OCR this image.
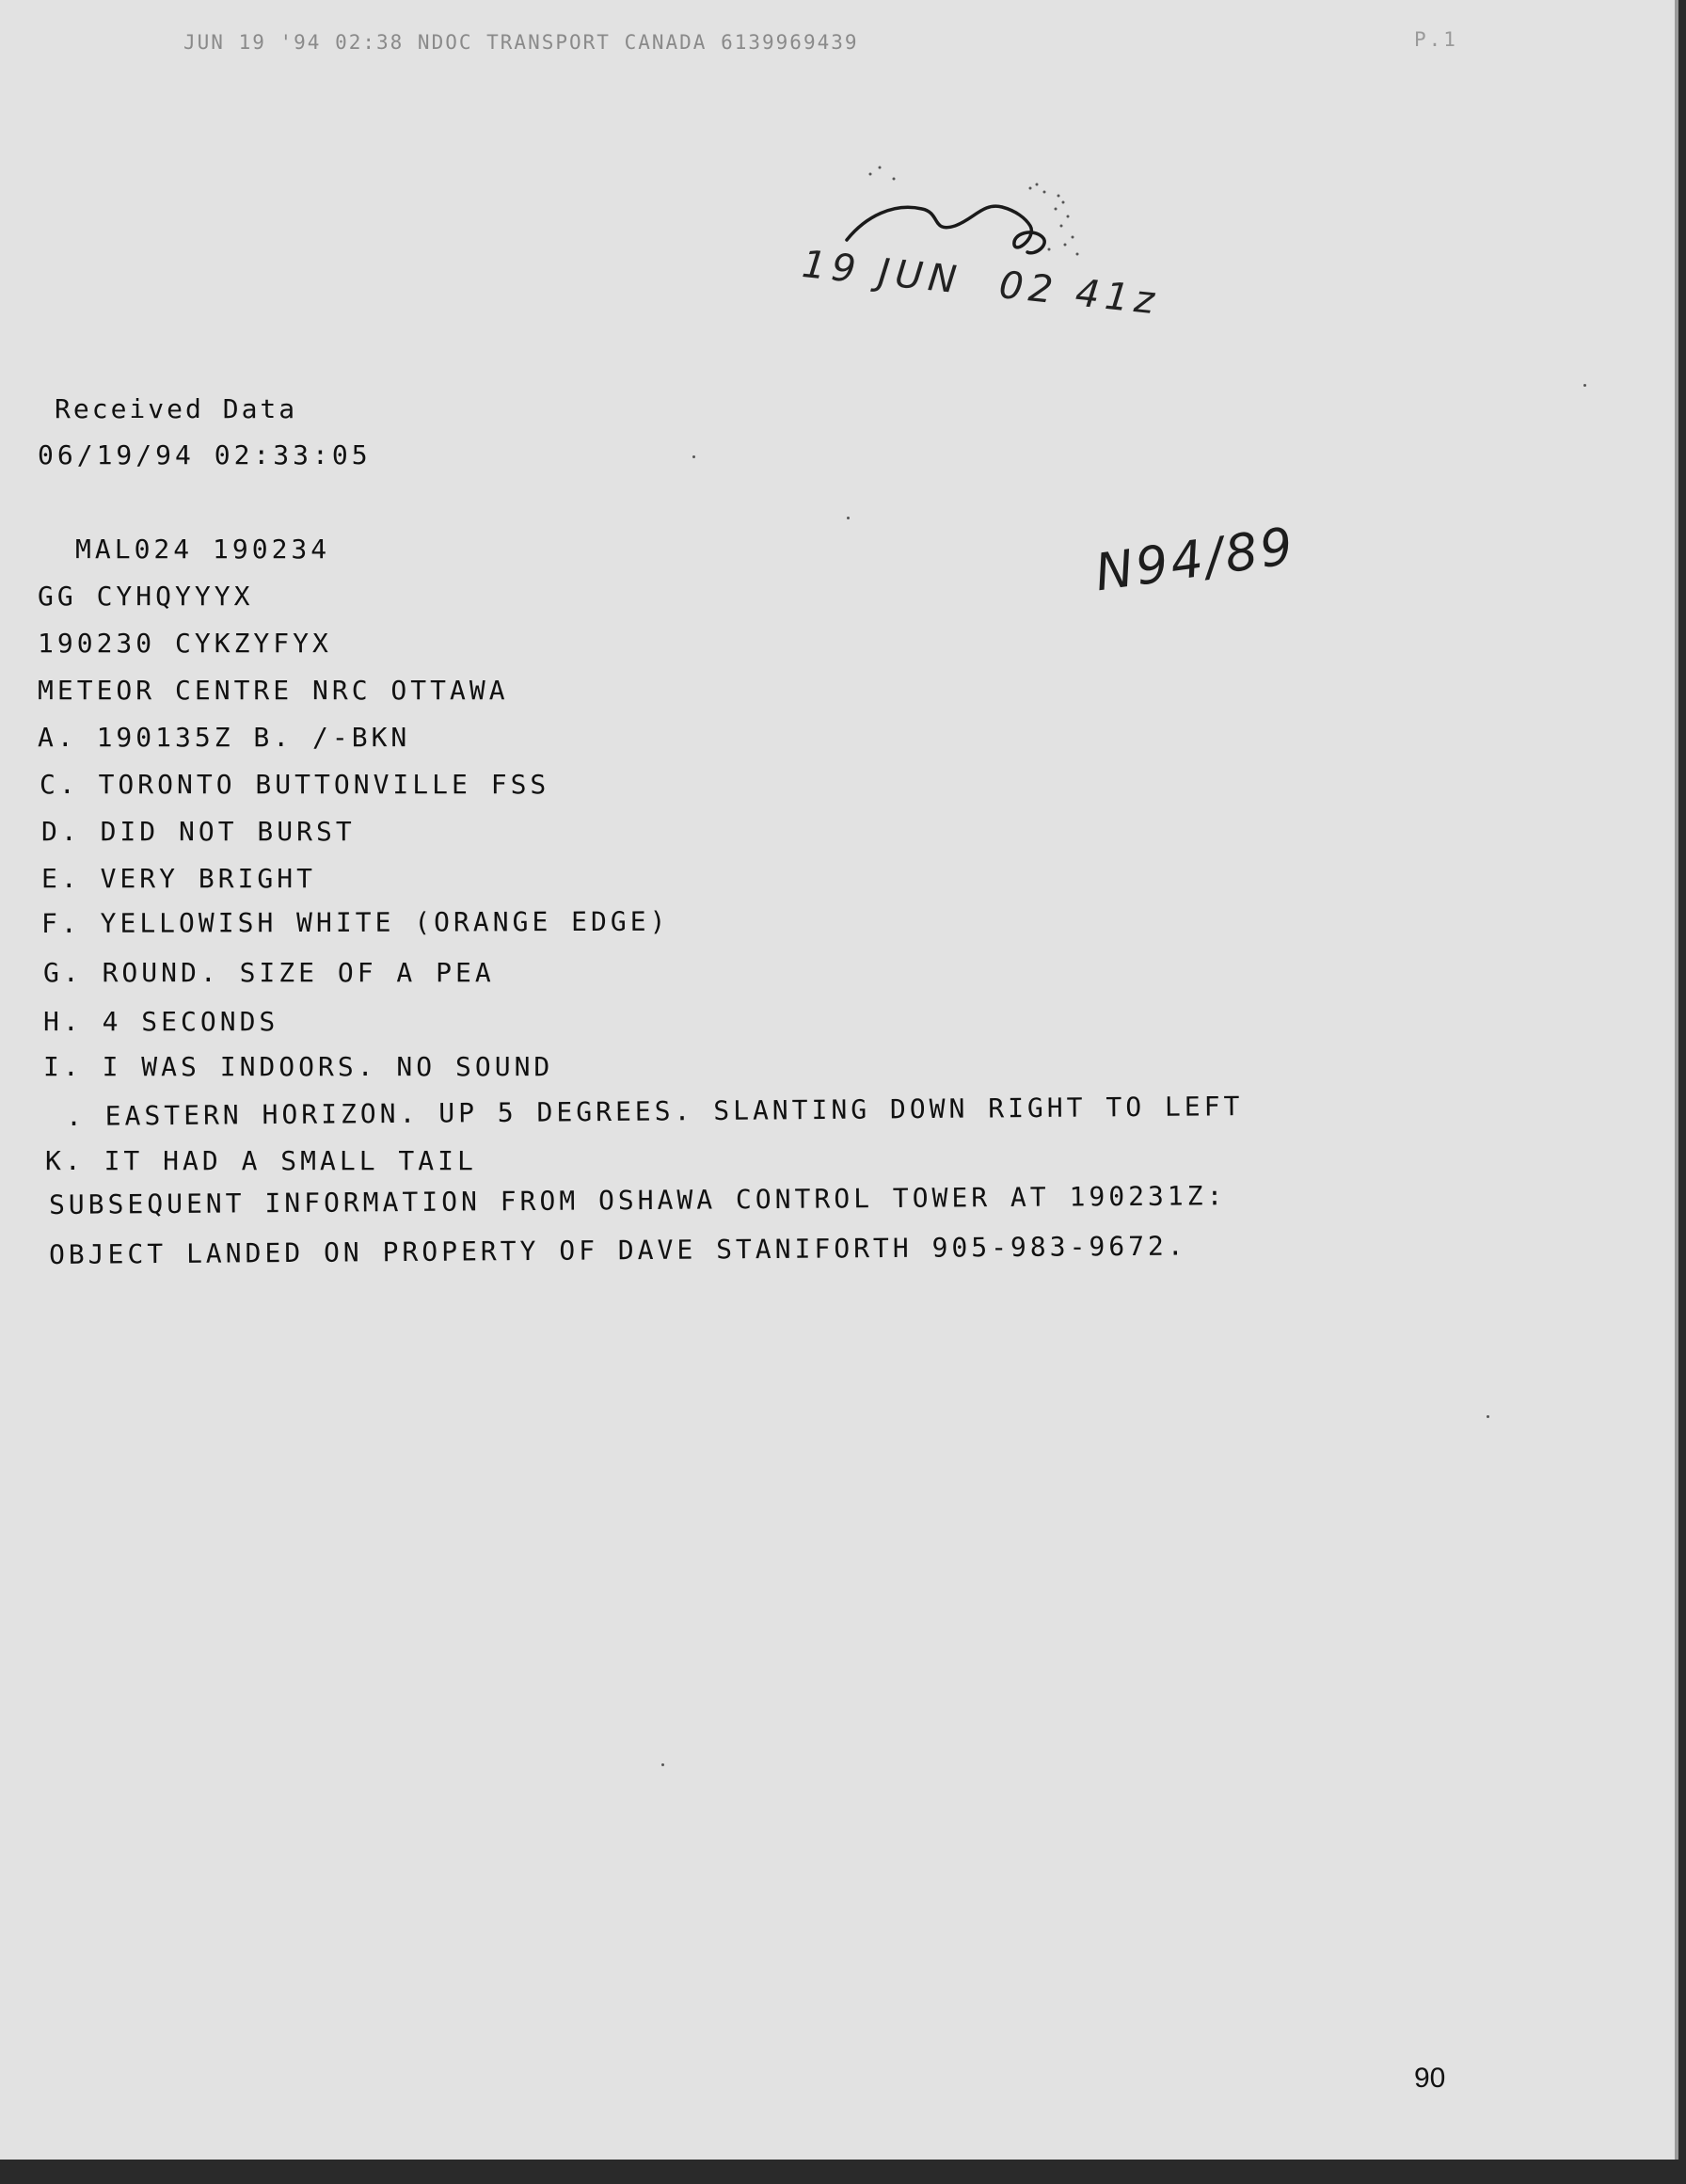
JUN 19 '94 02:38 NDOC TRANSPORT CANADA 6139969439	P.1
19 JUN 02 41z
N94/89
Received Data
06/19/94 02:33:05
MAL024 190234
GG CYHQYYYX
190230 CYKZYFYX
METEOR CENTRE NRC OTTAWA
A. 190135Z B. /-BKN
C. TORONTO BUTTONVILLE FSS
D. DID NOT BURST
E. VERY BRIGHT
F. YELLOWISH WHITE (ORANGE EDGE)
G. ROUND. SIZE OF A PEA
H. 4 SECONDS
I. I WAS INDOORS. NO SOUND
. EASTERN HORIZON. UP 5 DEGREES. SLANTING DOWN RIGHT TO LEFT
K. IT HAD A SMALL TAIL
SUBSEQUENT INFORMATION FROM OSHAWA CONTROL TOWER AT 190231Z:
OBJECT LANDED ON PROPERTY OF DAVE STANIFORTH 905-983-9672.
90
